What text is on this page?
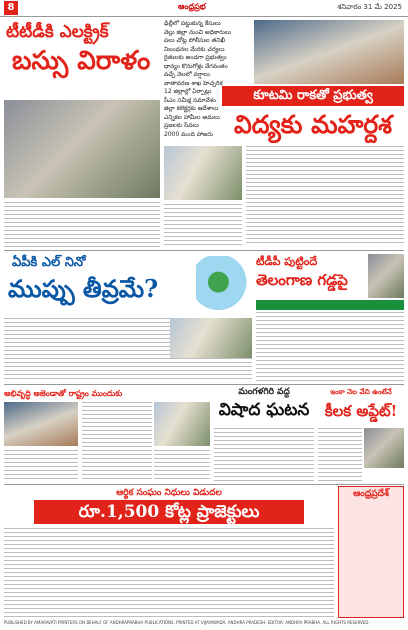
8	ఆంధ్రప్రభ	శనివారం 31 మే 2025
టీటీడీకి ఎలక్ట్రిక్
బస్సు విరాళం
ఢిల్లీలో పట్టుకున్న కేసులు
వెల్లు జిల్లా నుంచి అధికారులు
పలు చోట్ల పోలీసుల తనిఖీ
నిబంధనల మేరకు చర్యలు
రైతులకు అండగా ప్రభుత్వం
ధాన్యం కొనుగోళ్లు వేగవంతం
వచ్చే నెలలో వర్షాలు
వాతావరణ శాఖ హెచ్చరిక
12 జిల్లాల్లో ఏర్పాట్లు
సీఎం సమీక్ష సమావేశం
జిల్లా కలెక్టర్లకు ఆదేశాలు
ఎన్నికల హామీల అమలు
ప్రజలకు సేవలు
2000 మంది హాజరు
కూటమి రాకతో ప్రభుత్వ
విద్యకు మహర్దశ
ఏపీకి ఎల్ నినో
ముప్పు తీవ్రమే?
టీడీపీ పుట్టిందే
తెలంగాణ గడ్డపై
అభివృద్ధి అజెండాతో రాష్ట్రం ముందుకు	మంగళగిరి వద్ద
విషాద ఘటన
ఇంకా నెల వేచి ఉంటేనే
కీలక అప్డేట్!
ఆర్థిక సంఘం నిధులు విడుదల
రూ.1,500 కోట్ల ప్రాజెక్టులు
ఆంధ్రప్రదేశ్
PUBLISHED BY AMARAVATI PRINTERS ON BEHALF OF ANDHRAPRABHA PUBLICATIONS. PRINTED AT VIJAYAWADA, ANDHRA PRADESH. EDITOR: ANDHRA PRABHA. ALL RIGHTS RESERVED.
